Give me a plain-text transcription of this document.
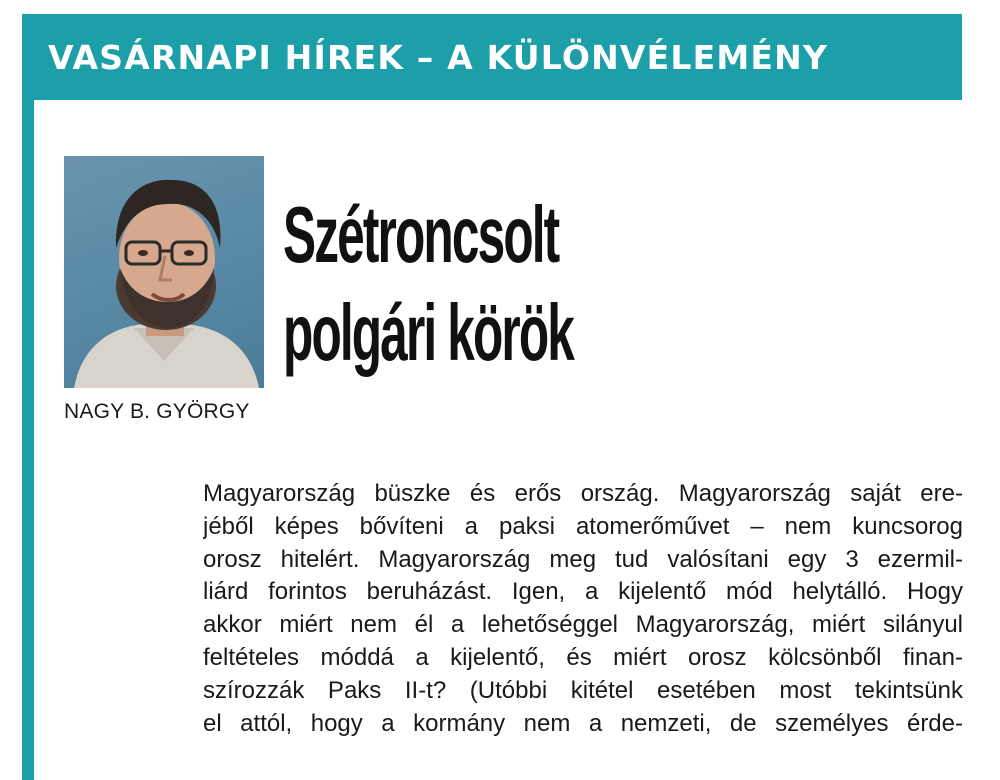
VASÁRNAPI HÍREK – A KÜLÖNVÉLEMÉNY
NAGY B. GYÖRGY
Szétroncsolt
polgári körök
Magyarország büszke és erős ország. Magyarország saját ere-
jéből képes bővíteni a paksi atomerőművet – nem kuncsorog
orosz hitelért. Magyarország meg tud valósítani egy 3 ezermil-
liárd forintos beruházást. Igen, a kijelentő mód helytálló. Hogy
akkor miért nem él a lehetőséggel Magyarország, miért silányul
feltételes móddá a kijelentő, és miért orosz kölcsönből finan-
szírozzák Paks II-t? (Utóbbi kitétel esetében most tekintsünk
el attól, hogy a kormány nem a nemzeti, de személyes érde-
